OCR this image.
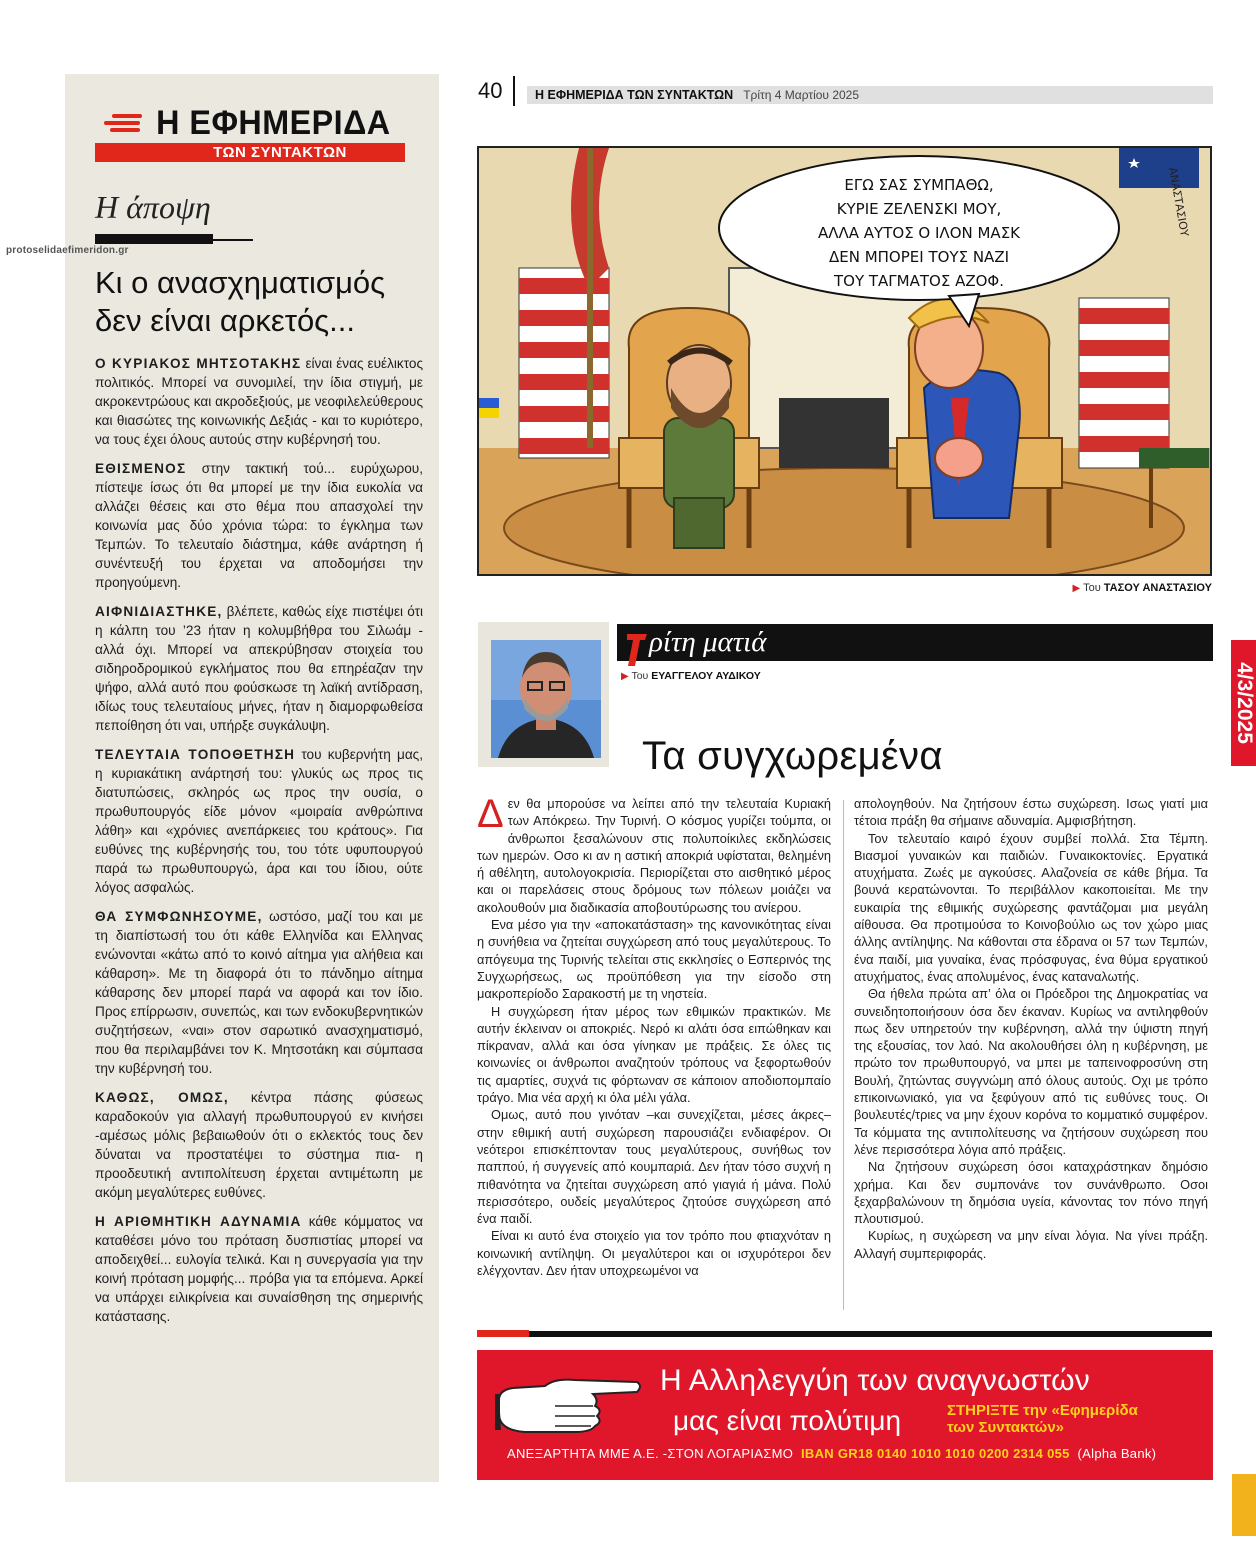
Η ΕΦΗΜΕΡΙΔΑ
ΤΩΝ ΣΥΝΤΑΚΤΩΝ
Η άποψη
Κι ο ανασχηματισμός
δεν είναι αρκετός...

Ο ΚΥΡΙΑΚΟΣ ΜΗΤΣΟΤΑΚΗΣ είναι ένας ευέλικτος πολιτικός. Μπορεί να συνομιλεί, την ίδια στιγμή, με ακροκεντρώους και ακροδεξιούς, με νεοφιλελεύθερους και θιασώτες της κοινωνικής Δεξιάς - και το κυριότερο, να τους έχει όλους αυτούς στην κυβέρνησή του.

ΕΘΙΣΜΕΝΟΣ στην τακτική τού... ευρύχωρου, πίστεψε ίσως ότι θα μπορεί με την ίδια ευκολία να αλλάζει θέσεις και στο θέμα που απασχολεί την κοινωνία μας δύο χρόνια τώρα: το έγκλημα των Τεμπών. Το τελευταίο διάστημα, κάθε ανάρτηση ή συνέντευξή του έρχεται να αποδομήσει την προηγούμενη.

ΑΙΦΝΙΔΙΑΣΤΗΚΕ, βλέπετε, καθώς είχε πιστέψει ότι η κάλπη του ’23 ήταν η κολυμβήθρα του Σιλωάμ - αλλά όχι. Μπορεί να απεκρύβησαν στοιχεία του σιδηροδρομικού εγκλήματος που θα επηρέαζαν την ψήφο, αλλά αυτό που φούσκωσε τη λαϊκή αντίδραση, ιδίως τους τελευταίους μήνες, ήταν η διαμορφωθείσα πεποίθηση ότι ναι, υπήρξε συγκάλυψη.

ΤΕΛΕΥΤΑΙΑ ΤΟΠΟΘΕΤΗΣΗ του κυβερνήτη μας, η κυριακάτικη ανάρτησή του: γλυκύς ως προς τις διατυπώσεις, σκληρός ως προς την ουσία, ο πρωθυπουργός είδε μόνον «μοιραία ανθρώπινα λάθη» και «χρόνιες ανεπάρκειες του κράτους». Για ευθύνες της κυβέρνησής του, του τότε υφυπουργού παρά τω πρωθυπουργώ, άρα και του ίδιου, ούτε λόγος ασφαλώς.

ΘΑ ΣΥΜΦΩΝΗΣΟΥΜΕ, ωστόσο, μαζί του και με τη διαπίστωσή του ότι κάθε Ελληνίδα και Ελληνας ενώνονται «κάτω από το κοινό αίτημα για αλήθεια και κάθαρση». Με τη διαφορά ότι το πάνδημο αίτημα κάθαρσης δεν μπορεί παρά να αφορά και τον ίδιο. Προς επίρρωσιν, συνεπώς, και των ενδοκυβερνητικών συζητήσεων, «ναι» στον σαρωτικό ανασχηματισμό, που θα περιλαμβάνει τον Κ. Μητσοτάκη και σύμπασα την κυβέρνησή του.

ΚΑΘΩΣ, ΟΜΩΣ, κέντρα πάσης φύσεως καραδοκούν για αλλαγή πρωθυπουργού εν κινήσει -αμέσως μόλις βεβαιωθούν ότι ο εκλεκτός τους δεν δύναται να προστατέψει το σύστημα πια- η προοδευτική αντιπολίτευση έρχεται αντιμέτωπη με ακόμη μεγαλύτερες ευθύνες.

Η ΑΡΙΘΜΗΤΙΚΗ ΑΔΥΝΑΜΙΑ κάθε κόμματος να καταθέσει μόνο του πρόταση δυσπιστίας μπορεί να αποδειχθεί... ευλογία τελικά. Και η συνεργασία για την κοινή πρόταση μομφής... πρόβα για τα επόμενα. Αρκεί να υπάρχει ειλικρίνεια και συναίσθηση της σημερινής κατάστασης.

protoselidaefimeridon.gr
40	Η ΕΦΗΜΕΡΙΔΑ ΤΩΝ ΣΥΝΤΑΚΤΩΝ Τρίτη 4 Μαρτίου 2025
ΕΓΩ ΣΑΣ ΣΥΜΠΑΘΩ,
ΚΥΡΙΕ ΖΕΛΕΝΣΚΙ ΜΟΥ,
ΑΛΛΑ ΑΥΤΟΣ Ο ΙΛΟΝ ΜΑΣΚ
ΔΕΝ ΜΠΟΡΕΙ ΤΟΥΣ ΝΑΖΙ
ΤΟΥ ΤΑΓΜΑΤΟΣ ΑΖΟΦ.
ΑΝΑΣΤΑΣΙΟΥ
▶ Του ΤΑΣΟΥ ΑΝΑΣΤΑΣΙΟΥ
4/3/2025
ρίτη ματιά
▶ Του ΕΥΑΓΓΕΛΟΥ ΑΥΔΙΚΟΥ
Τα συγχωρεμένα

Δεν θα μπορούσε να λείπει από την τελευταία Κυριακή των Απόκρεω. Την Τυρινή. Ο κόσμος γυρίζει τούμπα, οι άνθρωποι ξεσαλώνουν στις πολυποίκιλες εκδηλώσεις των ημερών. Οσο κι αν η αστική αποκριά υφίσταται, θελημένη ή αθέλητη, αυτολογοκρισία. Περιορίζεται στο αισθητικό μέρος και οι παρελάσεις στους δρόμους των πόλεων μοιάζει να ακολουθούν μια διαδικασία αποβουτύρωσης του ανίερου.

Ενα μέσο για την «αποκατάσταση» της κανονικότητας είναι η συνήθεια να ζητείται συγχώρεση από τους μεγαλύτερους. Το απόγευμα της Τυρινής τελείται στις εκκλησίες ο Εσπερινός της Συγχωρήσεως, ως προϋπόθεση για την είσοδο στη μακροπερίοδο Σαρακοστή με τη νηστεία.

Η συγχώρεση ήταν μέρος των εθιμικών πρακτικών. Με αυτήν έκλειναν οι αποκριές. Νερό κι αλάτι όσα ειπώθηκαν και πίκραναν, αλλά και όσα γίνηκαν με πράξεις. Σε όλες τις κοινωνίες οι άνθρωποι αναζητούν τρόπους να ξεφορτωθούν τις αμαρτίες, συχνά τις φόρτωναν σε κάποιον αποδιοπομπαίο τράγο. Μια νέα αρχή κι όλα μέλι γάλα.

Ομως, αυτό που γινόταν –και συνεχίζεται, μέσες άκρες– στην εθιμική αυτή συχώρεση παρουσιάζει ενδιαφέρον. Οι νεότεροι επισκέπτονταν τους μεγαλύτερους, συνήθως τον παππού, ή συγγενείς από κουμπαριά. Δεν ήταν τόσο συχνή η πιθανότητα να ζητείται συγχώρεση από γιαγιά ή μάνα. Πολύ περισσότερο, ουδείς μεγαλύτερος ζητούσε συγχώρεση από ένα παιδί.

Είναι κι αυτό ένα στοιχείο για τον τρόπο που φτιαχνόταν η κοινωνική αντίληψη. Οι μεγαλύτεροι και οι ισχυρότεροι δεν ελέγχονταν. Δεν ήταν υποχρεωμένοι να

απολογηθούν. Να ζητήσουν έστω συχώρεση. Ισως γιατί μια τέτοια πράξη θα σήμαινε αδυναμία. Αμφισβήτηση.

Τον τελευταίο καιρό έχουν συμβεί πολλά. Στα Τέμπη. Βιασμοί γυναικών και παιδιών. Γυναικοκτονίες. Εργατικά ατυχήματα. Ζωές με αγκούσες. Αλαζονεία σε κάθε βήμα. Τα βουνά κερατώνονται. Το περιβάλλον κακοποιείται. Με την ευκαιρία της εθιμικής συχώρεσης φαντάζομαι μια μεγάλη αίθουσα. Θα προτιμούσα το Κοινοβούλιο ως τον χώρο μιας άλλης αντίληψης. Να κάθονται στα έδρανα οι 57 των Τεμπών, ένα παιδί, μια γυναίκα, ένας πρόσφυγας, ένα θύμα εργατικού ατυχήματος, ένας απολυμένος, ένας καταναλωτής.

Θα ήθελα πρώτα απ’ όλα οι Πρόεδροι της Δημοκρατίας να συνειδητοποιήσουν όσα δεν έκαναν. Κυρίως να αντιληφθούν πως δεν υπηρετούν την κυβέρνηση, αλλά την ύψιστη πηγή της εξουσίας, τον λαό. Να ακολουθήσει όλη η κυβέρνηση, με πρώτο τον πρωθυπουργό, να μπει με ταπεινοφροσύνη στη Βουλή, ζητώντας συγγνώμη από όλους αυτούς. Οχι με τρόπο επικοινωνιακό, για να ξεφύγουν από τις ευθύνες τους. Οι βουλευτές/τριες να μην έχουν κορόνα το κομματικό συμφέρον. Τα κόμματα της αντιπολίτευσης να ζητήσουν συχώρεση που λένε περισσότερα λόγια από πράξεις.

Να ζητήσουν συχώρεση όσοι καταχράστηκαν δημόσιο χρήμα. Και δεν συμπονάνε τον συνάνθρωπο. Οσοι ξεχαρβαλώνουν τη δημόσια υγεία, κάνοντας τον πόνο πηγή πλουτισμού.

Κυρίως, η συχώρεση να μην είναι λόγια. Να γίνει πράξη. Αλλαγή συμπεριφοράς.

Η Αλληλεγγύη των αναγνωστών
μας είναι πολύτιμη	ΣΤΗΡΙΞΤΕ την «Εφημερίδα
των Συντακτών»
ΑΝΕΞΑΡΤΗΤΑ ΜΜΕ Α.Ε. -ΣΤΟΝ ΛΟΓΑΡΙΑΣΜΟ IBAN GR18 0140 1010 1010 0200 2314 055 (Alpha Bank)
